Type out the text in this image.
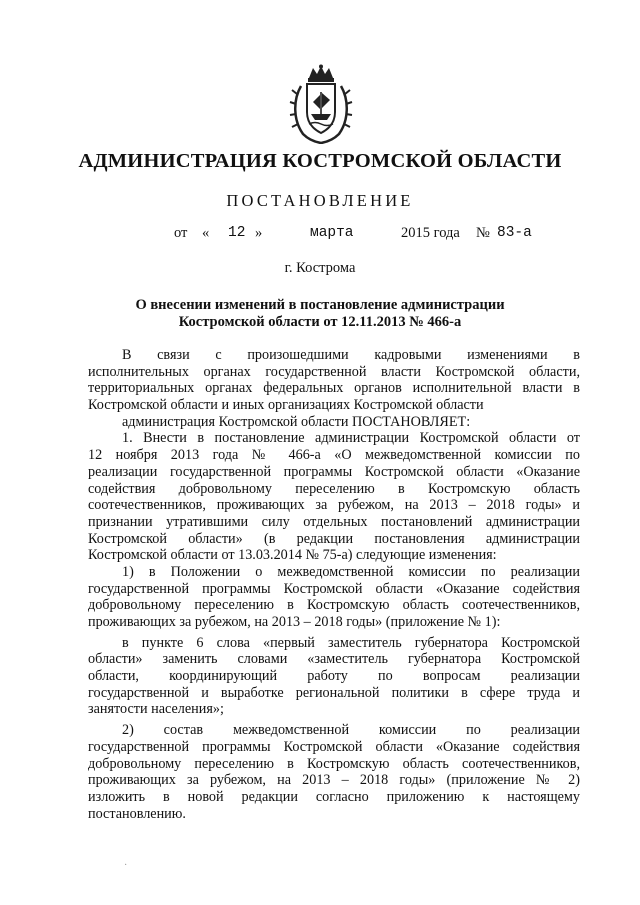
АДМИНИСТРАЦИЯ КОСТРОМСКОЙ ОБЛАСТИ
ПОСТАНОВЛЕНИЕ
от « 12 »	марта	2015 года № 83-а
г. Кострома
О внесении изменений в постановление администрации
Костромской области от 12.11.2013 № 466-а
В связи с произошедшими кадровыми изменениями в
исполнительных органах государственной власти Костромской области,
территориальных органах федеральных органов исполнительной власти в
Костромской области и иных организациях Костромской области
администрация Костромской области ПОСТАНОВЛЯЕТ:
1. Внести в постановление администрации Костромской области от
12 ноября 2013 года № 466-а «О межведомственной комиссии по
реализации государственной программы Костромской области «Оказание
содействия добровольному переселению в Костромскую область
соотечественников, проживающих за рубежом, на 2013 – 2018 годы» и
признании утратившими силу отдельных постановлений администрации
Костромской области» (в редакции постановления администрации
Костромской области от 13.03.2014 № 75-а) следующие изменения:
1) в Положении о межведомственной комиссии по реализации
государственной программы Костромской области «Оказание содействия
добровольному переселению в Костромскую область соотечественников,
проживающих за рубежом, на 2013 – 2018 годы» (приложение № 1):
в пункте 6 слова «первый заместитель губернатора Костромской
области» заменить словами «заместитель губернатора Костромской
области, координирующий работу по вопросам реализации
государственной и выработке региональной политики в сфере труда и
занятости населения»;
2) состав межведомственной комиссии по реализации
государственной программы Костромской области «Оказание содействия
добровольному переселению в Костромскую область соотечественников,
проживающих за рубежом, на 2013 – 2018 годы» (приложение № 2)
изложить в новой редакции согласно приложению к настоящему
постановлению.
·
